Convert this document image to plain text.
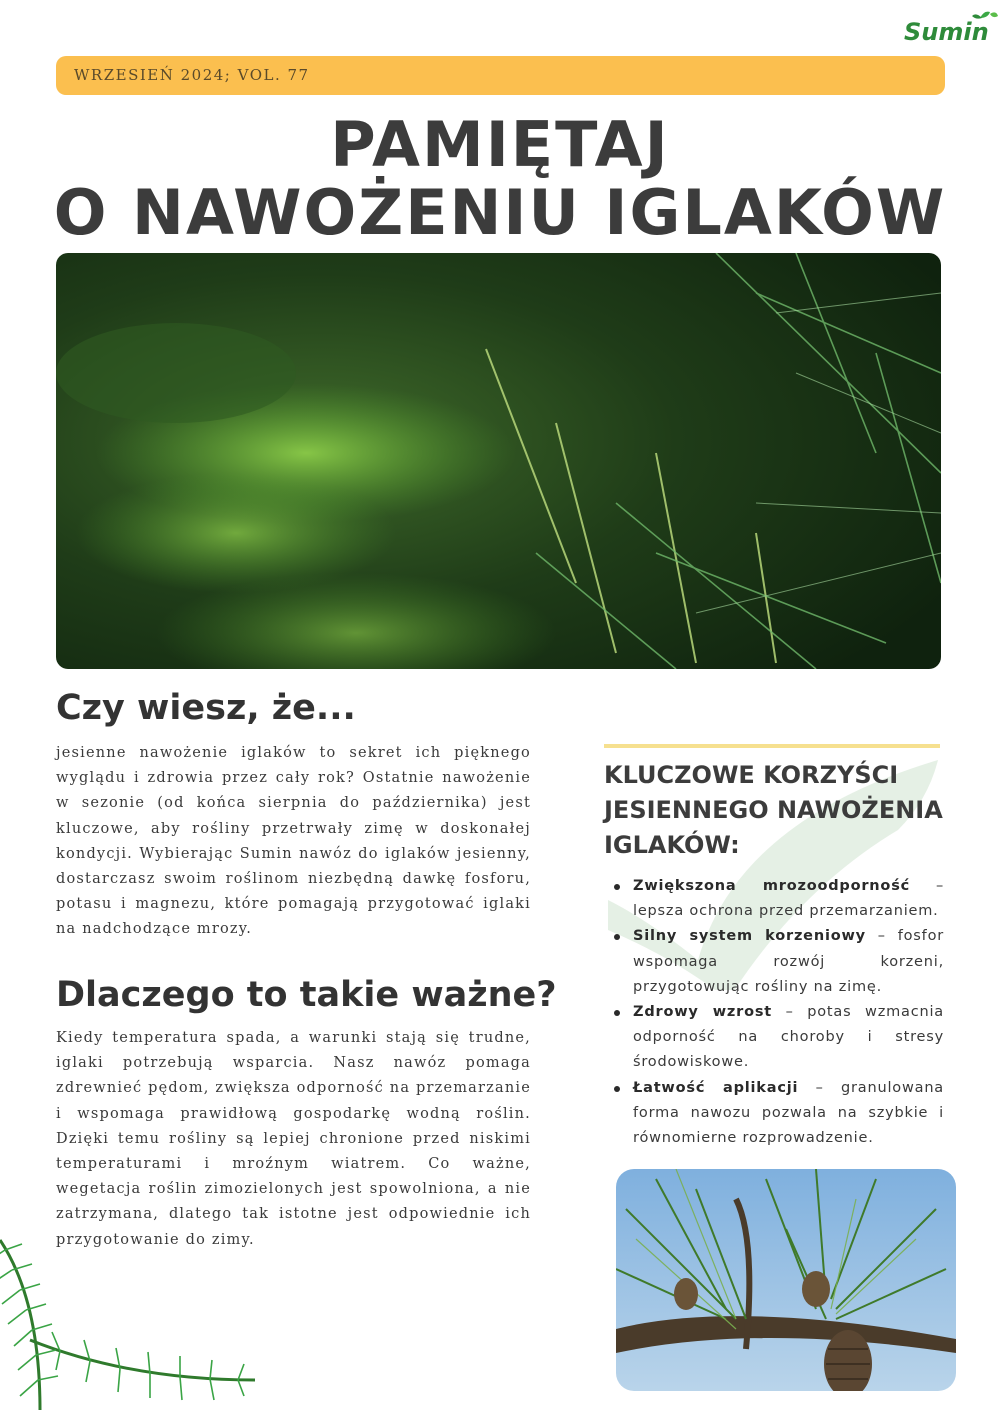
Sumin
WRZESIEŃ 2024; VOL. 77
PAMIĘTAJ
O NAWOŻENIU IGLAKÓW
Czy wiesz, że...

jesienne nawożenie iglaków to sekret ich pięknego wyglądu i zdrowia przez cały rok? Ostatnie nawożenie w sezonie (od końca sierpnia do października) jest kluczowe, aby rośliny przetrwały zimę w doskonałej kondycji. Wybierając Sumin nawóz do iglaków jesienny, dostarczasz swoim roślinom niezbędną dawkę fosforu, potasu i magnezu, które pomagają przygotować iglaki na nadchodzące mrozy.

Dlaczego to takie ważne?

Kiedy temperatura spada, a warunki stają się trudne, iglaki potrzebują wsparcia. Nasz nawóz pomaga zdrewnieć pędom, zwiększa odporność na przemarzanie i wspomaga prawidłową gospodarkę wodną roślin. Dzięki temu rośliny są lepiej chronione przed niskimi temperaturami i mroźnym wiatrem. Co ważne, wegetacja roślin zimozielonych jest spowolniona, a nie zatrzymana, dlatego tak istotne jest odpowiednie ich przygotowanie do zimy.

KLUCZOWE KORZYŚCI JESIENNEGO NAWOŻENIA IGLAKÓW:
Zwiększona mrozoodporność – lepsza ochrona przed przemarzaniem.
Silny system korzeniowy – fosfor wspomaga rozwój korzeni, przygotowując rośliny na zimę.
Zdrowy wzrost – potas wzmacnia odporność na choroby i stresy środowiskowe.
Łatwość aplikacji – granulowana forma nawozu pozwala na szybkie i równomierne rozprowadzenie.
